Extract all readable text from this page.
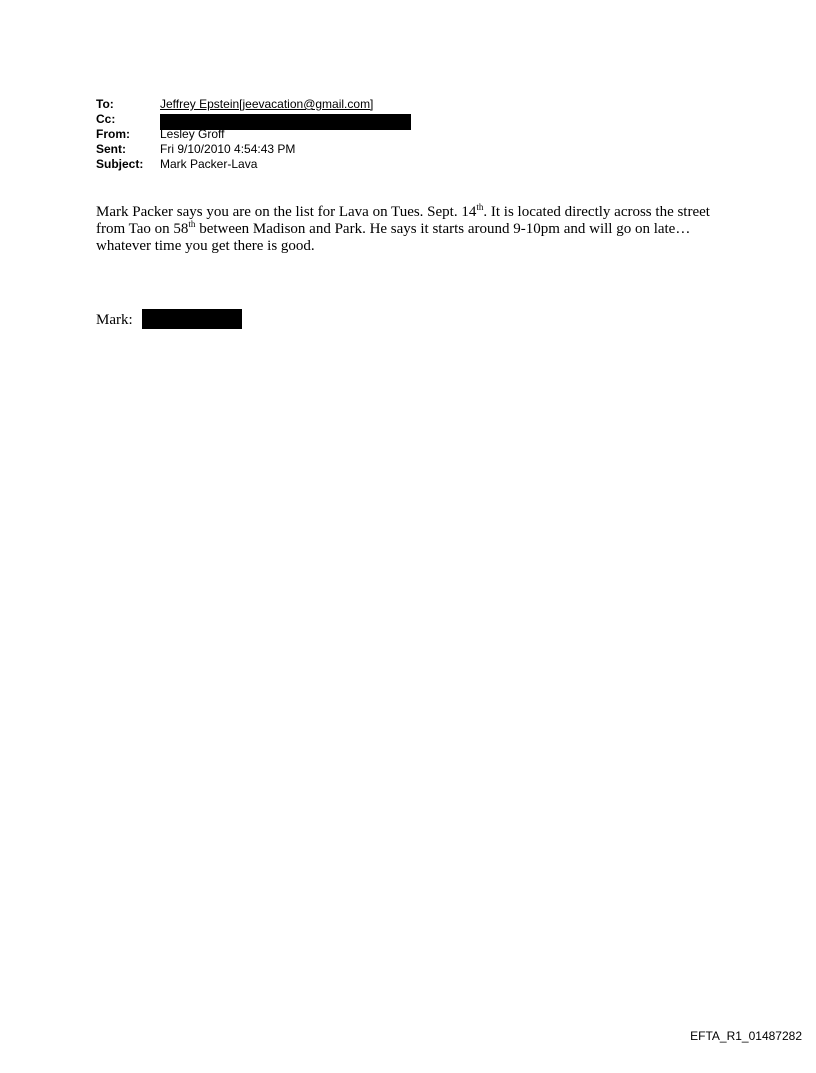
To:	Jeffrey Epstein[jeevacation@gmail.com]
Cc:
From:	Lesley Groff
Sent:	Fri 9/10/2010 4:54:43 PM
Subject:	Mark Packer-Lava
Mark Packer says you are on the list for Lava on Tues. Sept. 14th. It is located directly across the street from Tao on 58th between Madison and Park. He says it starts around 9-10pm and will go on late…whatever time you get there is good.
Mark:
EFTA_R1_01487282
